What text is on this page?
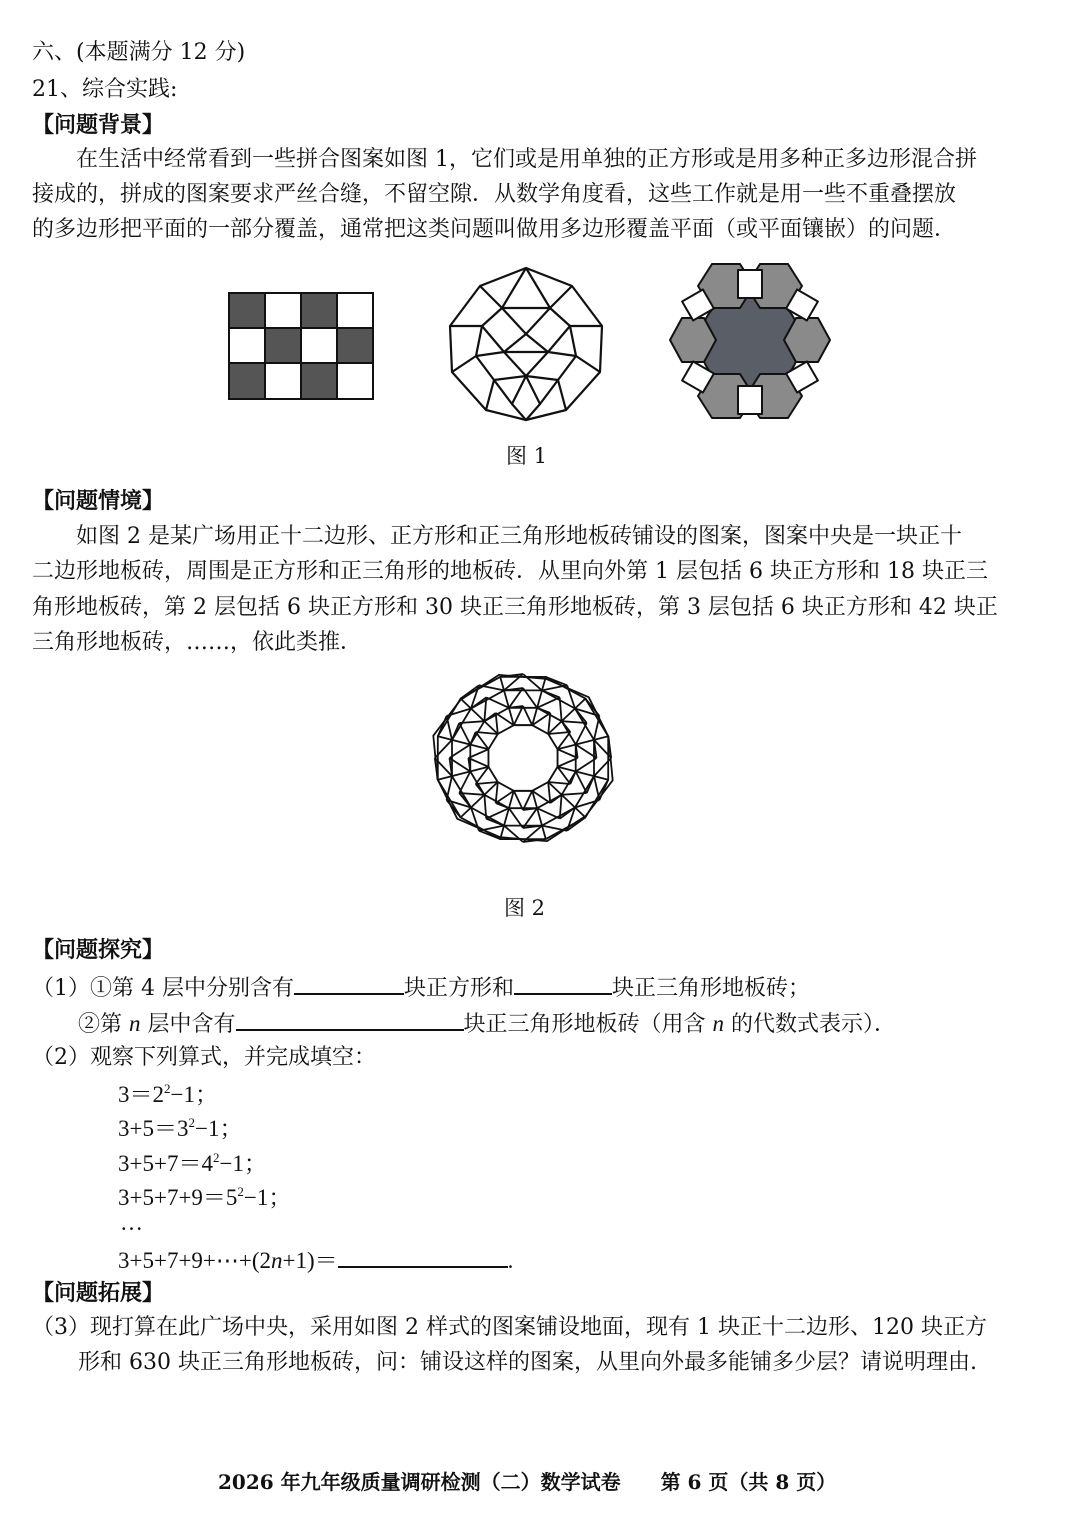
六、(本题满分 12 分)
21、综合实践:
【问题背景】
在生活中经常看到一些拼合图案如图 1，它们或是用单独的正方形或是用多种正多边形混合拼
接成的，拼成的图案要求严丝合缝，不留空隙．从数学角度看，这些工作就是用一些不重叠摆放
的多边形把平面的一部分覆盖，通常把这类问题叫做用多边形覆盖平面（或平面镶嵌）的问题．
图 1
【问题情境】
如图 2 是某广场用正十二边形、正方形和正三角形地板砖铺设的图案，图案中央是一块正十
二边形地板砖，周围是正方形和正三角形的地板砖．从里向外第 1 层包括 6 块正方形和 18 块正三
角形地板砖，第 2 层包括 6 块正方形和 30 块正三角形地板砖，第 3 层包括 6 块正方形和 42 块正
三角形地板砖，……，依此类推．
图 2
【问题探究】
（1）①第 4 层中分别含有	块正方形和	块正三角形地板砖；
②第 n 层中含有	块正三角形地板砖（用含 n 的代数式表示）．
（2）观察下列算式，并完成填空：
$3=2^2-1$；
$3+5=3^2-1$；
$3+5+7=4^2-1$；
$3+5+7+9=5^2-1$；
…
3+5+7+9+⋯+(2n+1)＝	.
【问题拓展】
（3）现打算在此广场中央，采用如图 2 样式的图案铺设地面，现有 1 块正十二边形、120 块正方
形和 630 块正三角形地板砖，问：铺设这样的图案，从里向外最多能铺多少层？请说明理由.
2026 年九年级质量调研检测（二）数学试卷 第 6 页（共 8 页）
